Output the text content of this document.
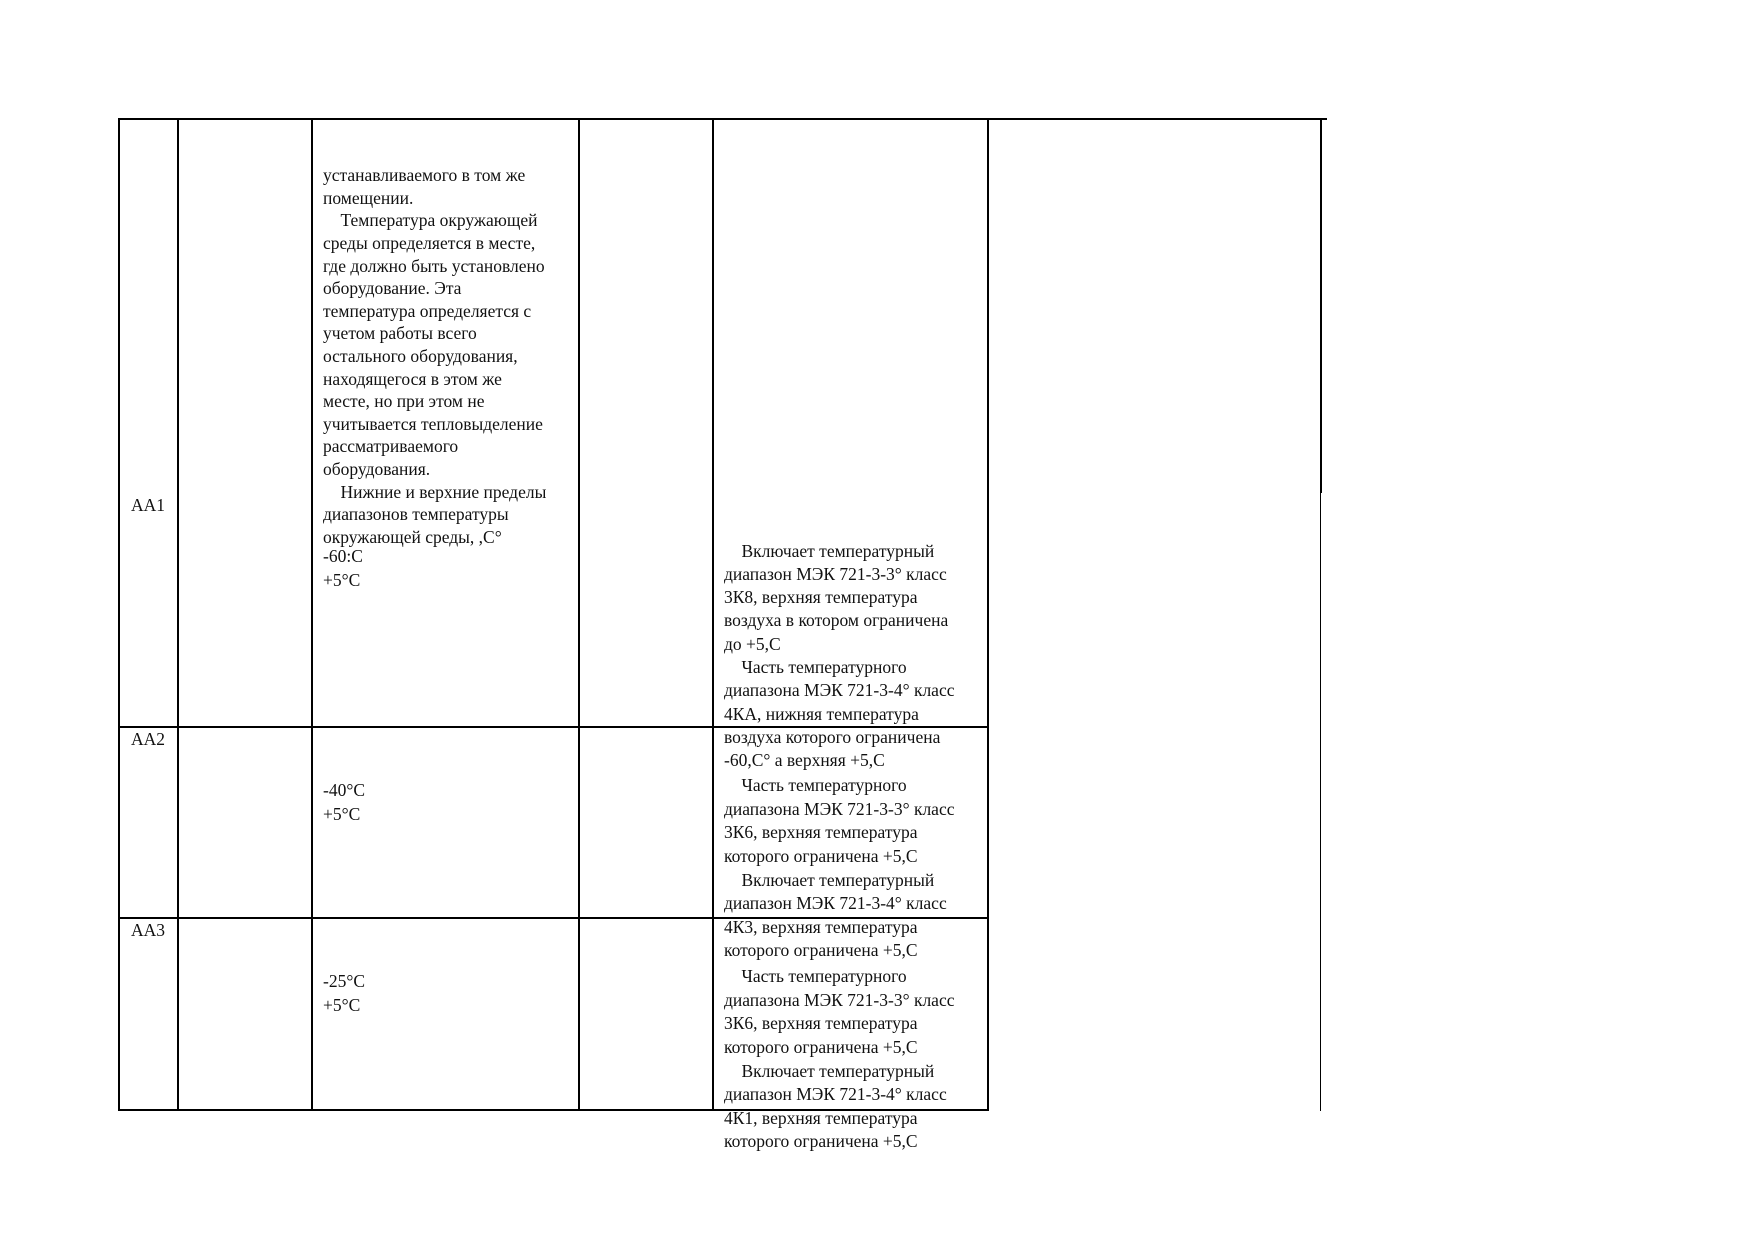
АА1

устанавливаемого в том же
помещении.
Температура окружающей
среды определяется в месте,
где должно быть установлено
оборудование. Эта
температура определяется с
учетом работы всего
остального оборудования,
находящегося в этом же
месте, но при этом не
учитывается тепловыделение
рассматриваемого
оборудования.
Нижние и верхние пределы
диапазонов температуры
окружающей среды, ,С°

-60:С
+5°С

Включает температурный
диапазон МЭК 721-3-3° класс
3К8, верхняя температура
воздуха в котором ограничена
до +5,С
Часть температурного
диапазона МЭК 721-3-4° класс
4КА, нижняя температура
воздуха которого ограничена
-60,С° а верхняя +5,С

АА2

-40°С
+5°С

Часть температурного
диапазона МЭК 721-3-3° класс
3К6, верхняя температура
которого ограничена +5,С
Включает температурный
диапазон МЭК 721-3-4° класс
4К3, верхняя температура
которого ограничена +5,С

АА3

-25°С
+5°С

Часть температурного
диапазона МЭК 721-3-3° класс
3К6, верхняя температура
которого ограничена +5,С
Включает температурный
диапазон МЭК 721-3-4° класс
4К1, верхняя температура
которого ограничена +5,С
